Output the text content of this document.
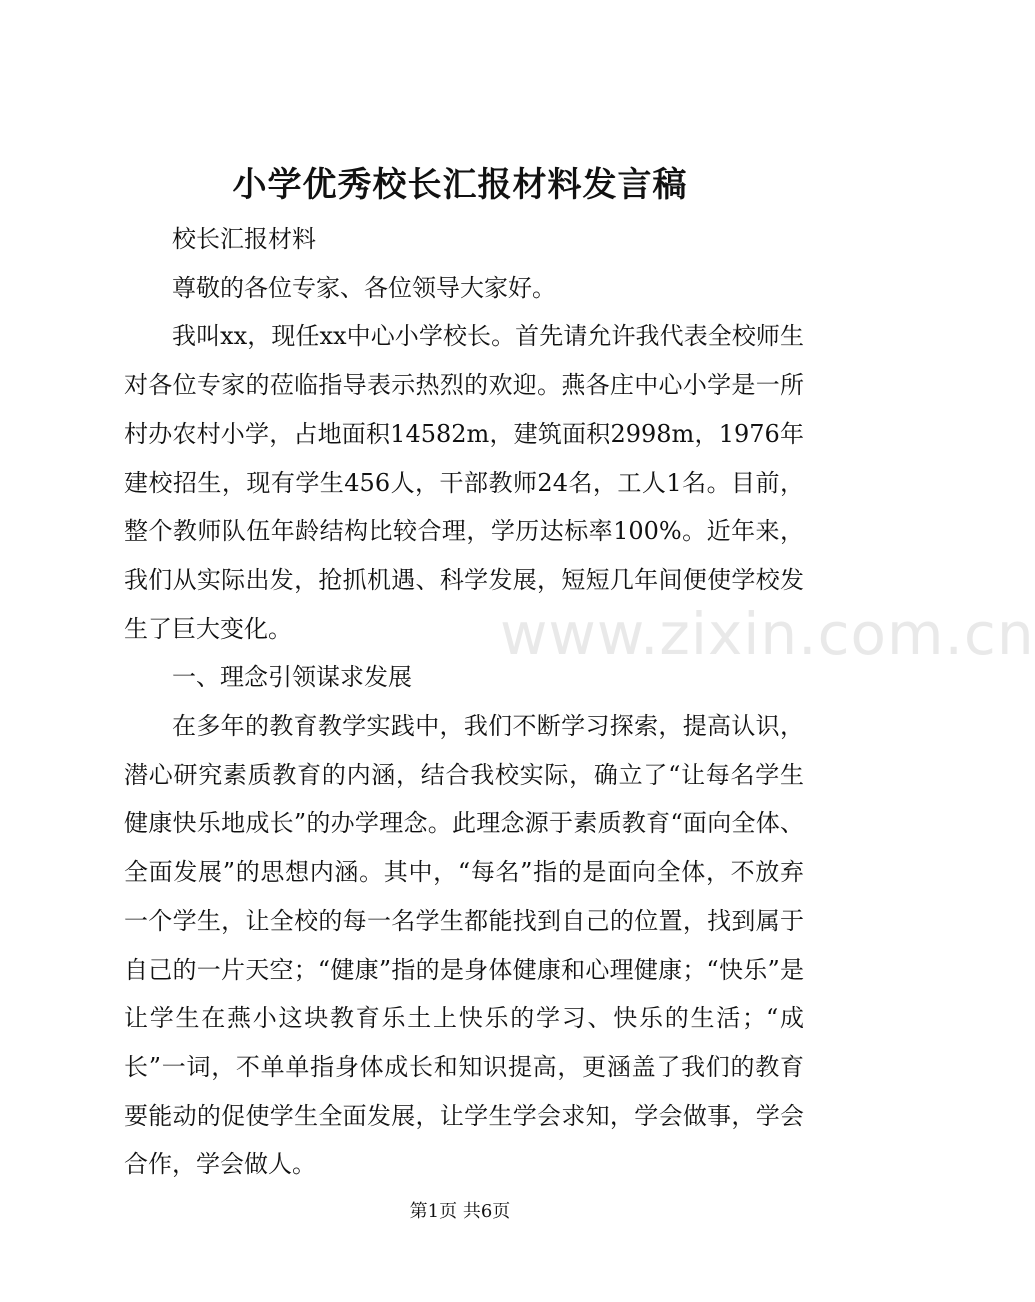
www.zixin.com.cn
小学优秀校长汇报材料发言稿

校长汇报材料

尊敬的各位专家、各位领导大家好。

我叫xx，现任xx中心小学校长。首先请允许我代表全校师生对各位专家的莅临指导表示热烈的欢迎。燕各庄中心小学是一所村办农村小学，占地面积14582m，建筑面积2998m，1976年建校招生，现有学生456人，干部教师24名，工人1名。目前，整个教师队伍年龄结构比较合理，学历达标率100%。近年来，我们从实际出发，抢抓机遇、科学发展，短短几年间便使学校发生了巨大变化。

一、理念引领谋求发展

在多年的教育教学实践中，我们不断学习探索，提高认识，潜心研究素质教育的内涵，结合我校实际，确立了“让每名学生健康快乐地成长”的办学理念。此理念源于素质教育“面向全体、全面发展”的思想内涵。其中，“每名”指的是面向全体，不放弃一个学生，让全校的每一名学生都能找到自己的位置，找到属于自己的一片天空；“健康”指的是身体健康和心理健康；“快乐”是让学生在燕小这块教育乐土上快乐的学习、快乐的生活；“成长”一词，不单单指身体成长和知识提高，更涵盖了我们的教育要能动的促使学生全面发展，让学生学会求知，学会做事，学会合作，学会做人。

第1页 共6页
